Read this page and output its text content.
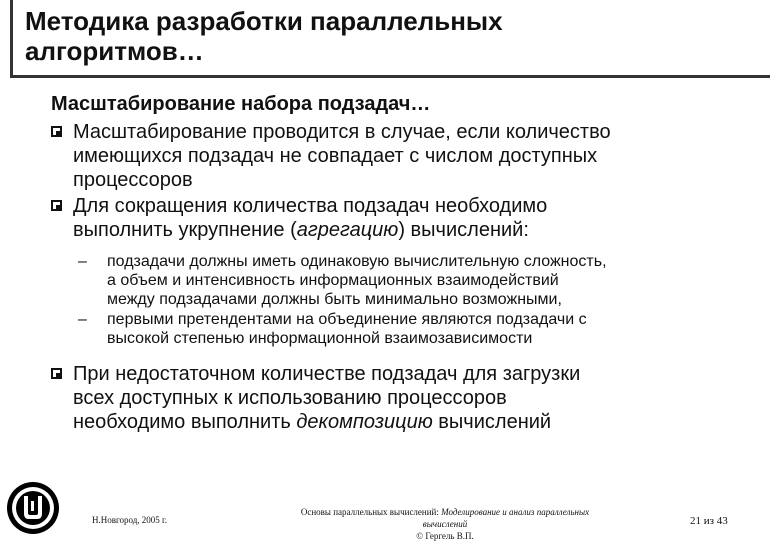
Методика разработки параллельных
алгоритмов…
Масштабирование набора подзадач…
Масштабирование проводится в случае, если количество
имеющихся подзадач не совпадает с числом доступных
процессоров
Для сокращения количества подзадач необходимо
выполнить укрупнение (агрегацию) вычислений:
– подзадачи должны иметь одинаковую вычислительную сложность,
а объем и интенсивность информационных взаимодействий
между подзадачами должны быть минимально возможными,
– первыми претендентами на объединение являются подзадачи с
высокой степенью информационной взаимозависимости
При недостаточном количестве подзадач для загрузки
всех доступных к использованию процессоров
необходимо выполнить декомпозицию вычислений
Н.Новгород, 2005 г.
Основы параллельных вычислений: Моделирование и анализ параллельных
вычислений
© Гергель В.П.
21 из 43
